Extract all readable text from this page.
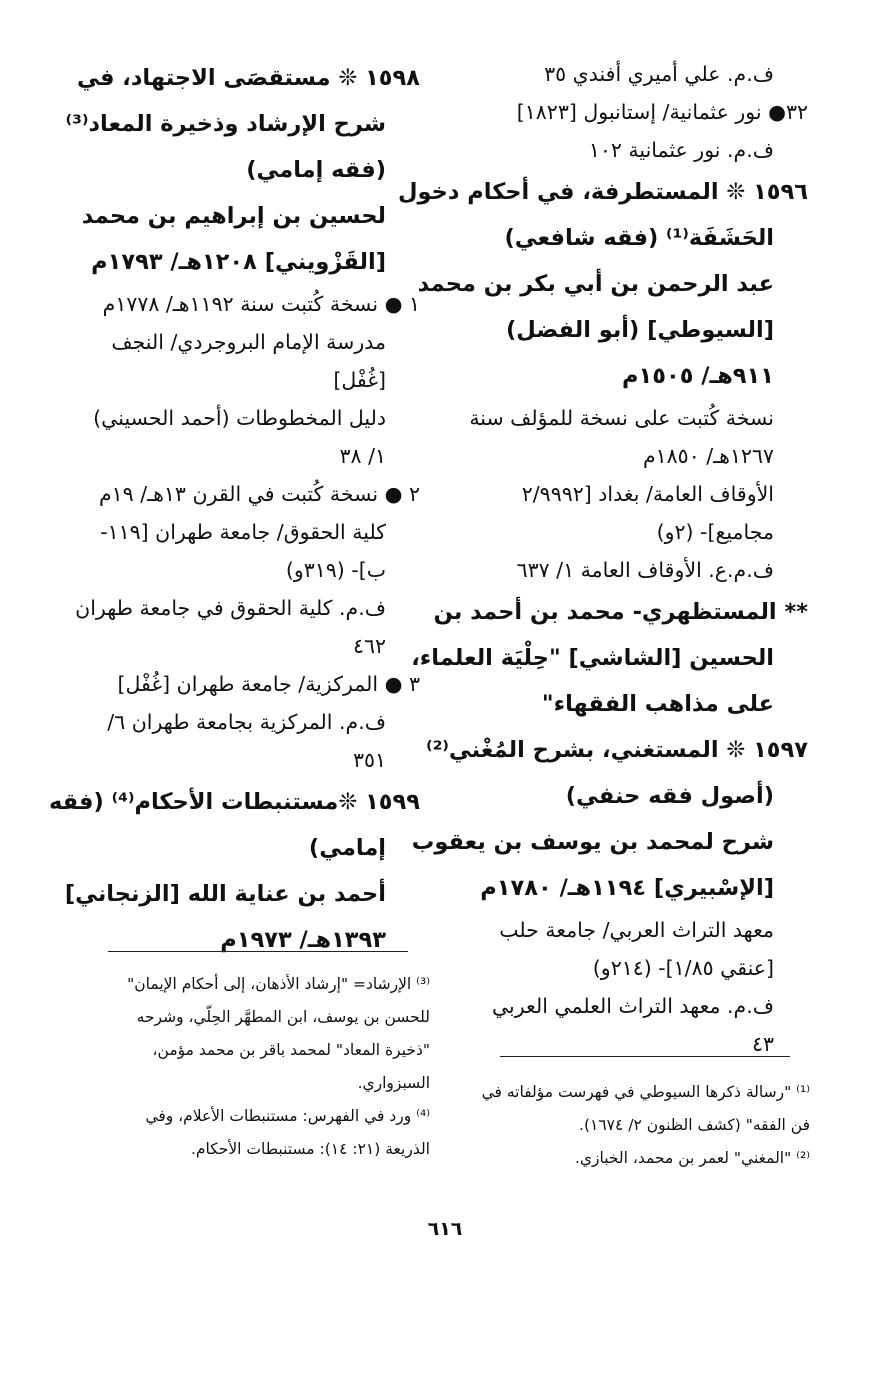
ف.م. علي أميري أفندي ٣٥
٣٢● نور عثمانية/ إستانبول [١٨٢٣]
ف.م. نور عثمانية ١٠٢
١٥٩٦ ❊ المستطرفة، في أحكام دخول
الحَشَفَة⁽¹⁾ (فقه شافعي)
عبد الرحمن بن أبي بكر بن محمد
[السيوطي] (أبو الفضل)
٩١١هـ/ ١٥٠٥م
نسخة كُتبت على نسخة للمؤلف سنة
١٢٦٧هـ/ ١٨٥٠م
الأوقاف العامة/ بغداد [٢/٩٩٩٢
مجاميع]- (٢و)
ف.م.ع. الأوقاف العامة ١/ ٦٣٧
** المستظهري- محمد بن أحمد بن
الحسين [الشاشي] "حِلْيَة العلماء،
على مذاهب الفقهاء"
١٥٩٧ ❊ المستغني، بشرح المُغْني⁽²⁾
(أصول فقه حنفي)
شرح لمحمد بن يوسف بن يعقوب
[الإسْبيري] ١١٩٤هـ/ ١٧٨٠م
معهد التراث العربي/ جامعة حلب
[عنقي ١/٨٥]- (٢١٤و)
ف.م. معهد التراث العلمي العربي
٤٣
١٥٩٨ ❊ مستقصَى الاجتهاد، في
شرح الإرشاد وذخيرة المعاد⁽³⁾
(فقه إمامي)
لحسين بن إبراهيم بن محمد
[القَزْويني] ١٢٠٨هـ/ ١٧٩٣م
١ ● نسخة كُتبت سنة ١١٩٢هـ/ ١٧٧٨م
مدرسة الإمام البروجردي/ النجف
[غُفْل]
دليل المخطوطات (أحمد الحسيني)
١/ ٣٨
٢ ● نسخة كُتبت في القرن ١٣هـ/ ١٩م
كلية الحقوق/ جامعة طهران [١١٩-
ب]- (٣١٩و)
ف.م. كلية الحقوق في جامعة طهران
٤٦٢
٣ ● المركزية/ جامعة طهران [غُفْل]
ف.م. المركزية بجامعة طهران ٦/
٣٥١
١٥٩٩ ❊مستنبطات الأحكام⁽⁴⁾ (فقه
إمامي)
أحمد بن عناية الله [الزنجاني]
١٣٩٣هـ/ ١٩٧٣م
⁽¹⁾ "رسالة ذكرها السيوطي في فهرست مؤلفاته في
فن الفقه" (كشف الظنون ٢/ ١٦٧٤).
⁽²⁾ "المغني" لعمر بن محمد، الخبازي.
⁽³⁾ الإرشاد= "إرشاد الأذهان، إلى أحكام الإيمان"
للحسن بن يوسف، ابن المطهَّر الحِلّي، وشرحه
"ذخيرة المعاد" لمحمد باقر بن محمد مؤمن،
السبزواري.
⁽⁴⁾ ورد في الفهرس: مستنبطات الأعلام، وفي
الذريعة (٢١: ١٤): مستنبطات الأحكام.
٦١٦
